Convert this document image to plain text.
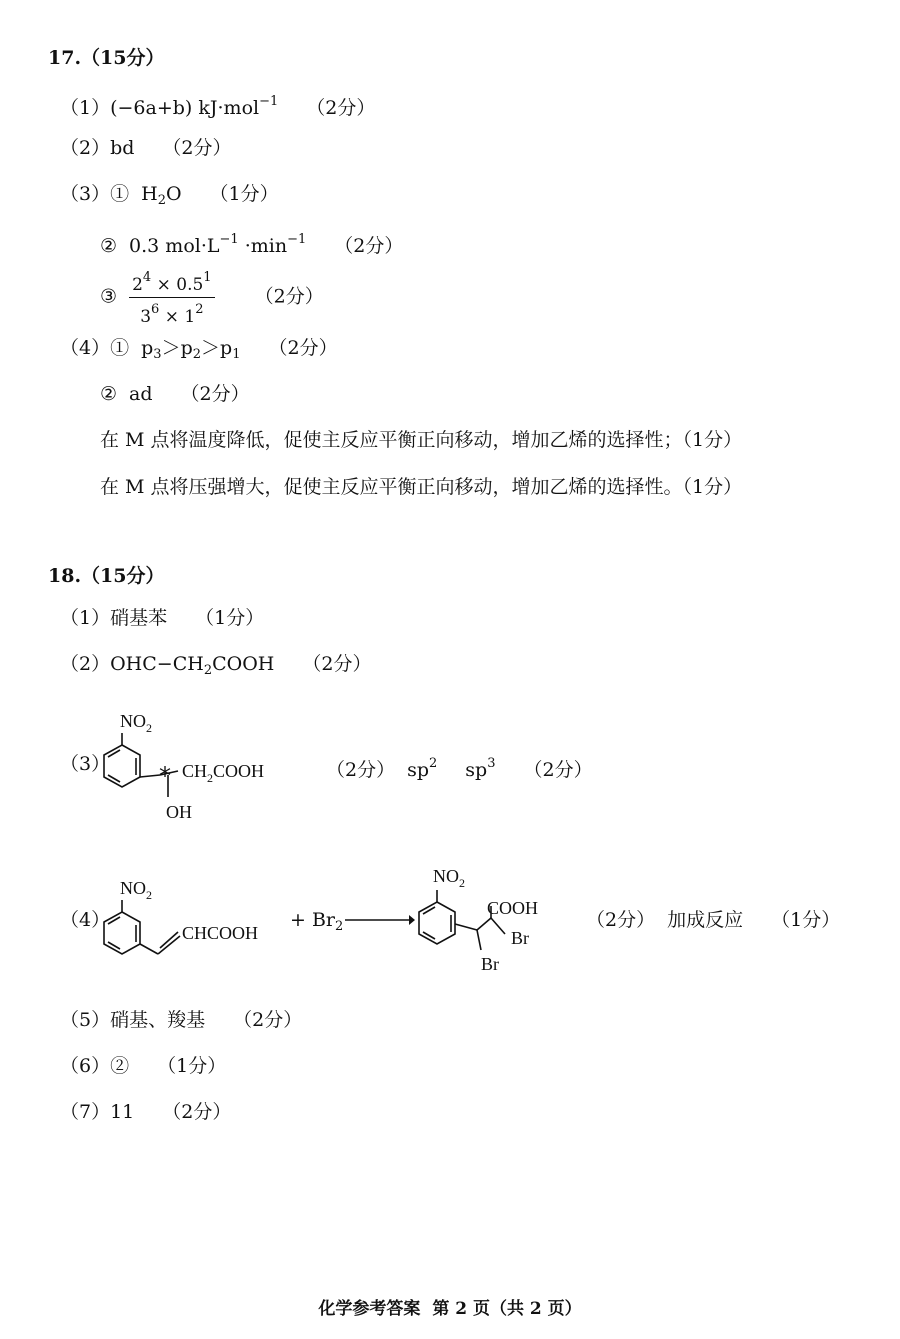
17.（15分）
（1）(−6a+b) kJ·mol$^{-1}$ （2分）
（2）bd （2分）
（3）① $H_2O$ （1分）
② 0.3 $mol\cdot L^{-1} \cdot\min^{-1}$ （2分）
③ $\frac{2^4 \times 0.5^1}{3^6 \times 1^2} (2$分）
（4）① $p_3>p_2>p_1$ （2分）
② ad （2分）
在 M 点将温度降低，促使主反应平衡正向移动，增加乙烯的选择性；（1分）
在 M 点将压强增大，促使主反应平衡正向移动，增加乙烯的选择性。（1分）
18.（15分）
（1）硝基苯 （1分）
$(2)OHC-CH_2COOH$ （2分）
（3）
$NO_2$
* $CH_2COOH$
OH
（2分） $sp^2$ $sp^3$ （2分）
（4）
$NO_2$
CHCOOH
+ $Br_2$ →
$NO_2$
COOH
Br
Br
（2分） 加成反应 （1分）
（5）硝基、羧基 （2分）
（6）② （1分）
（7）11 （2分）
化学参考答案 第 2 页（共 2 页）
